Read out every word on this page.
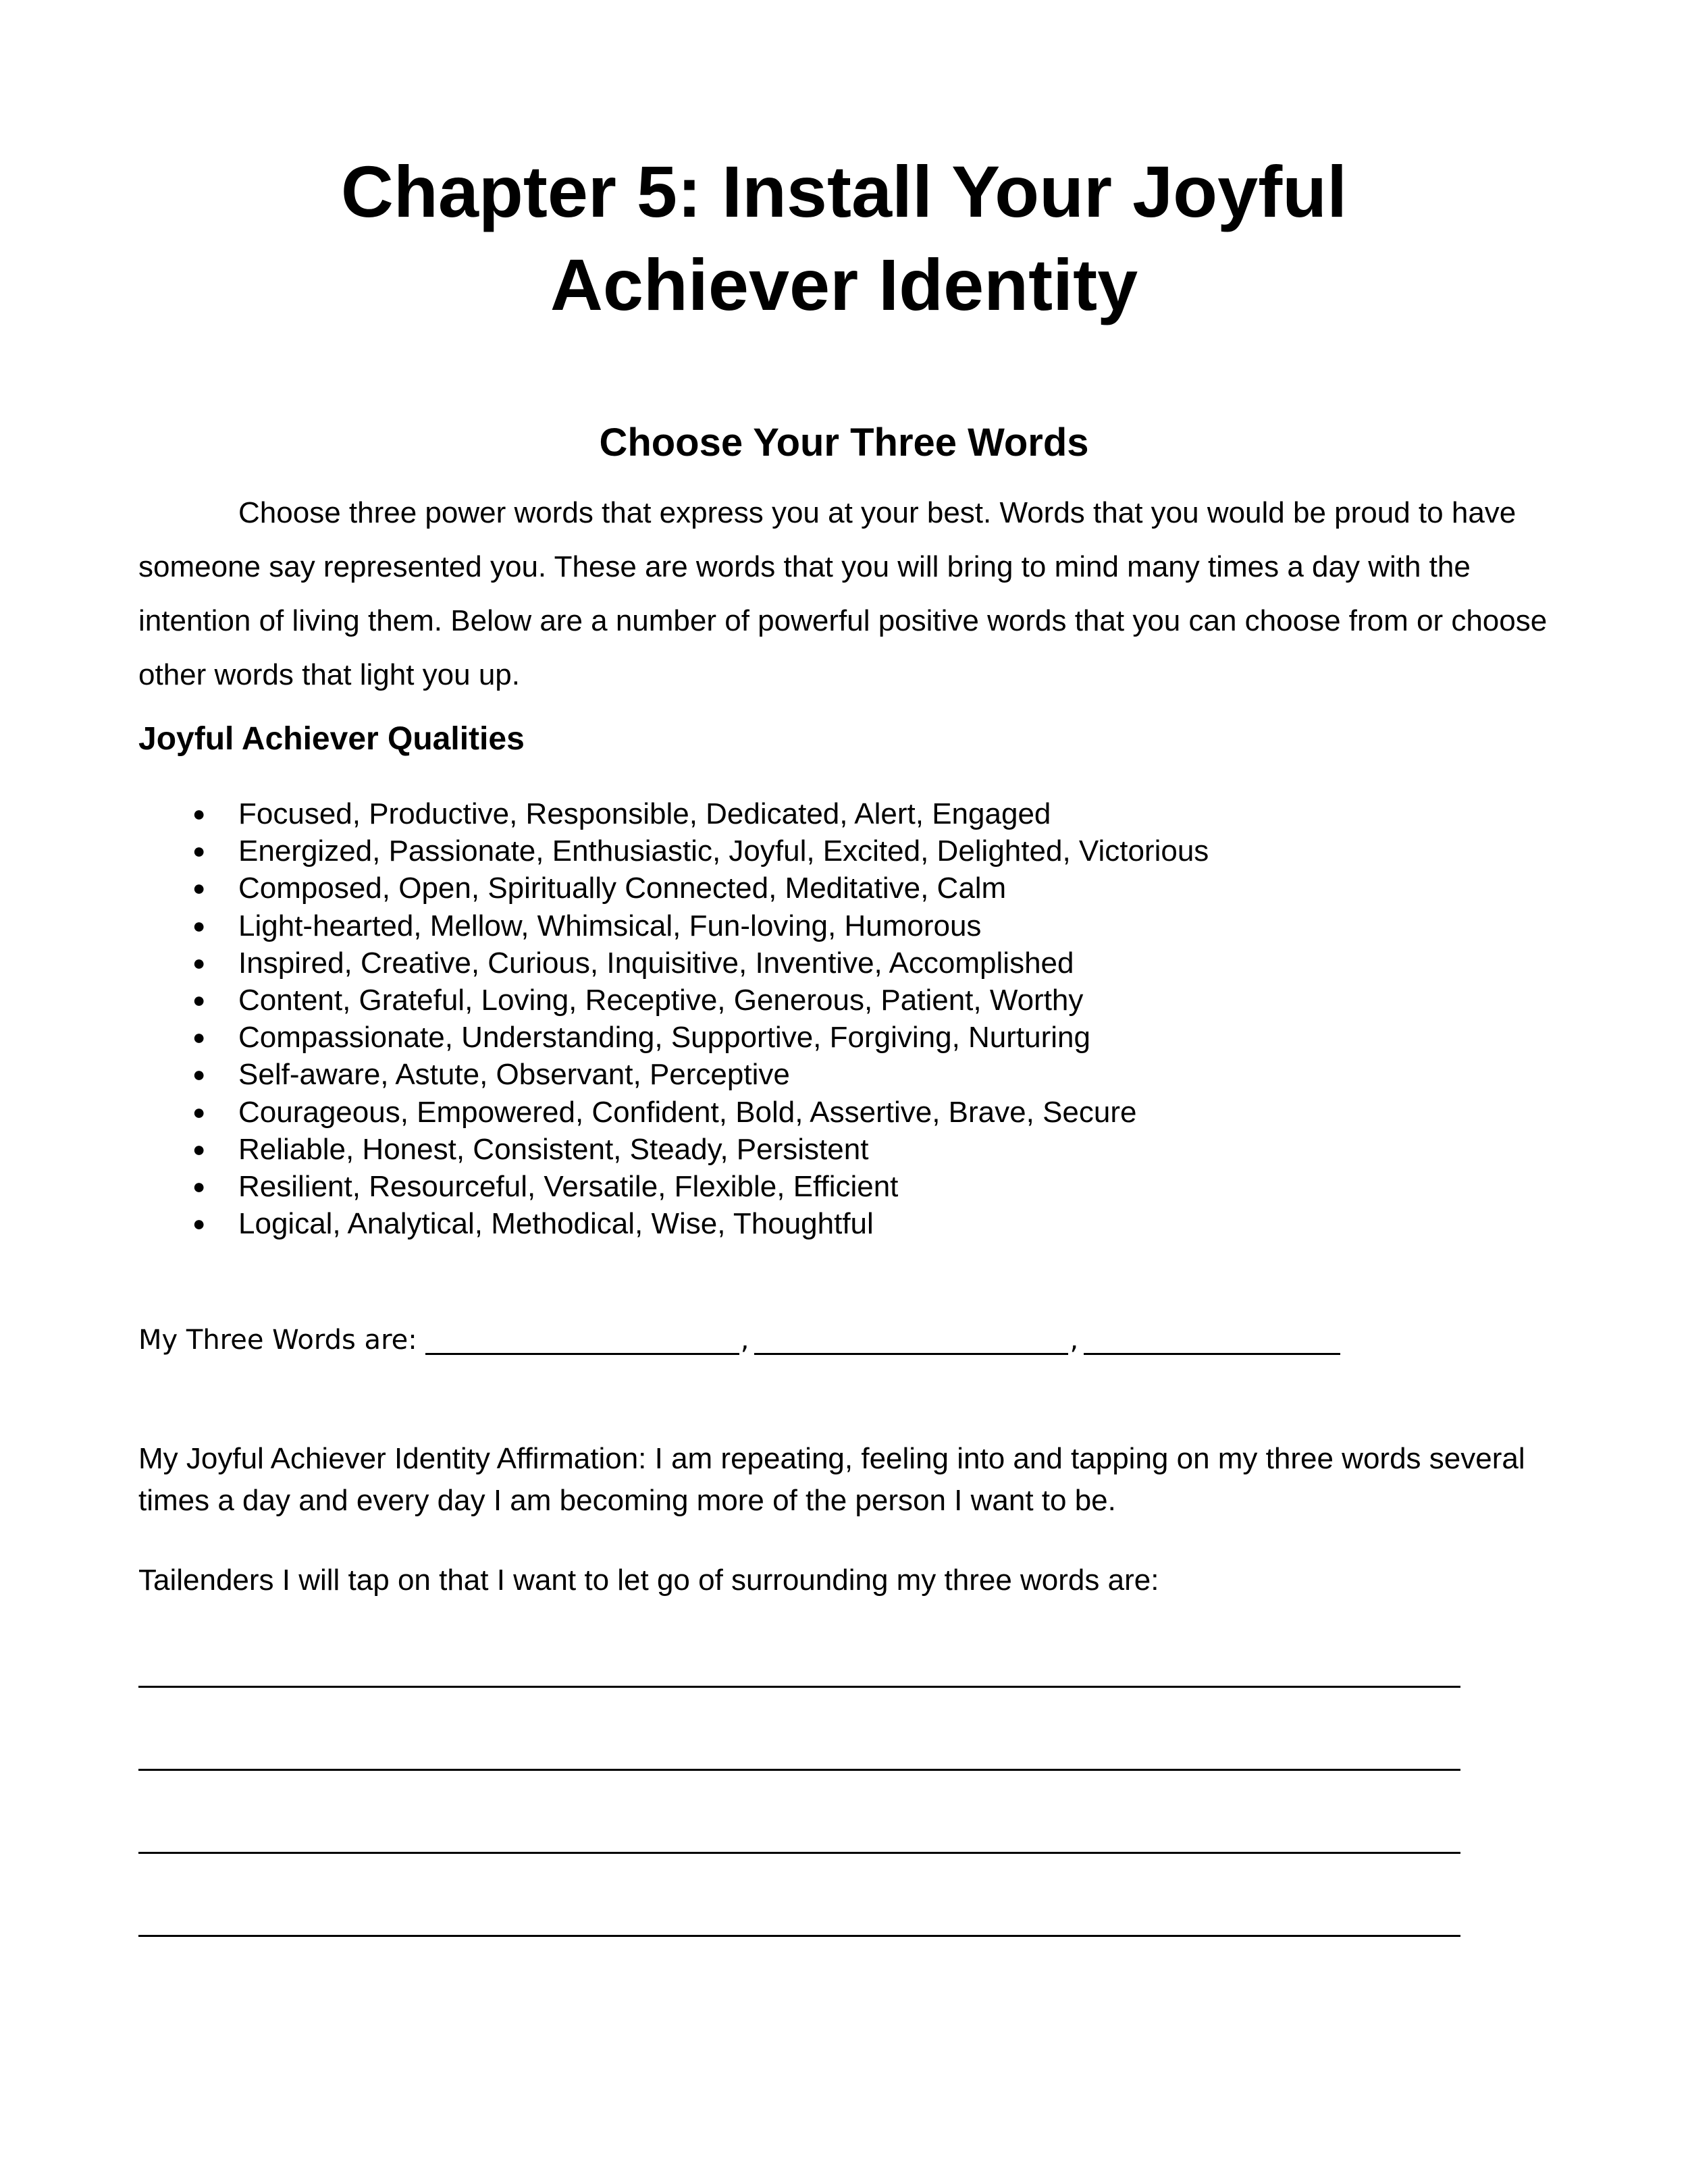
Chapter 5: Install Your Joyful Achiever Identity
Choose Your Three Words

Choose three power words that express you at your best. Words that you would be proud to have someone say represented you. These are words that you will bring to mind many times a day with the intention of living them. Below are a number of powerful positive words that you can choose from or choose other words that light you up.

Joyful Achiever Qualities
● Focused, Productive, Responsible, Dedicated, Alert, Engaged
● Energized, Passionate, Enthusiastic, Joyful, Excited, Delighted, Victorious
● Composed, Open, Spiritually Connected, Meditative, Calm
● Light-hearted, Mellow, Whimsical, Fun-loving, Humorous
● Inspired, Creative, Curious, Inquisitive, Inventive, Accomplished
● Content, Grateful, Loving, Receptive, Generous, Patient, Worthy
● Compassionate, Understanding, Supportive, Forgiving, Nurturing
● Self-aware, Astute, Observant, Perceptive
● Courageous, Empowered, Confident, Bold, Assertive, Brave, Secure
● Reliable, Honest, Consistent, Steady, Persistent
● Resilient, Resourceful, Versatile, Flexible, Efficient
● Logical, Analytical, Methodical, Wise, Thoughtful
My Three Words are:	,	,

My Joyful Achiever Identity Affirmation: I am repeating, feeling into and tapping on my three words several times a day and every day I am becoming more of the person I want to be.

Tailenders I will tap on that I want to let go of surrounding my three words are:
